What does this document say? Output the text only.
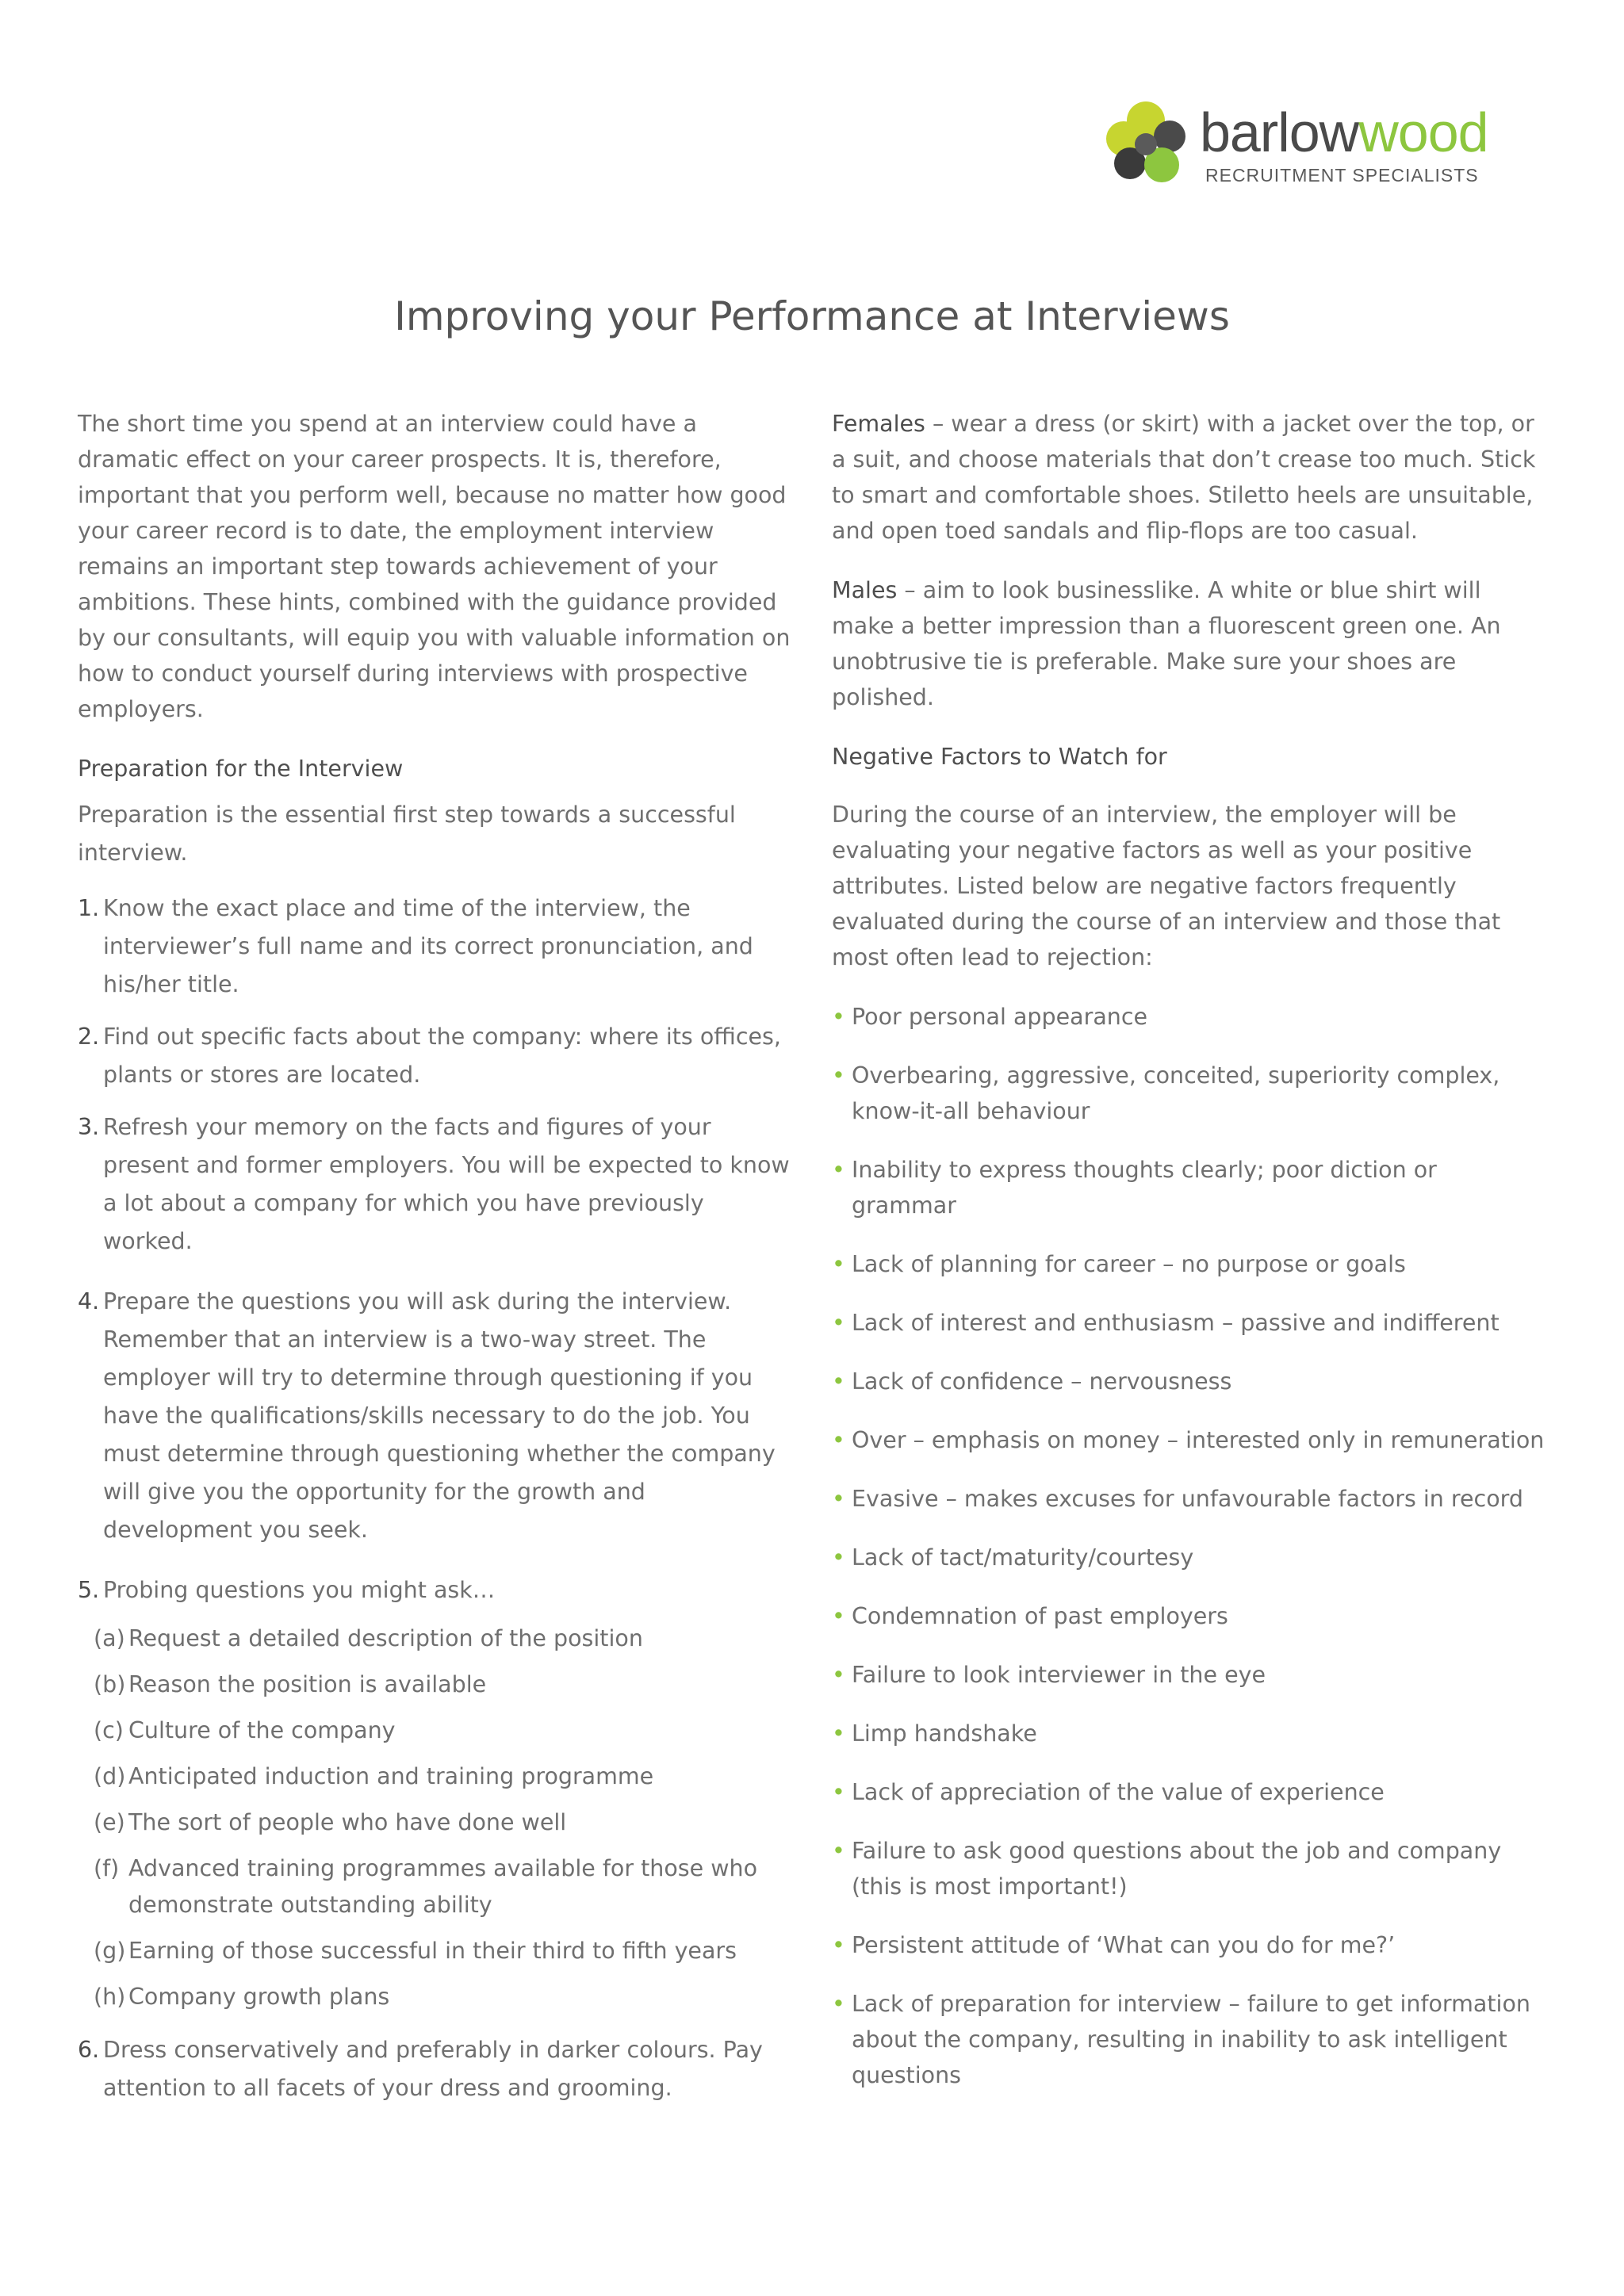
barlowwood
RECRUITMENT SPECIALISTS
Improving your Performance at Interviews

The short time you spend at an interview could have a dramatic effect on your career prospects. It is, therefore, important that you perform well, because no matter how good your career record is to date, the employment interview remains an important step towards achievement of your ambitions. These hints, combined with the guidance provided by our consultants, will equip you with valuable information on how to conduct yourself during interviews with prospective employers.

Preparation for the Interview

Preparation is the essential first step towards a successful interview.

1. Know the exact place and time of the interview, the interviewer’s full name and its correct pronunciation, and his/her title.
2. Find out specific facts about the company: where its offices, plants or stores are located.
3. Refresh your memory on the facts and figures of your present and former employers. You will be expected to know a lot about a company for which you have previously worked.
4. Prepare the questions you will ask during the interview. Remember that an interview is a two-way street. The employer will try to determine through questioning if you have the qualifications/skills necessary to do the job. You must determine through questioning whether the company will give you the opportunity for the growth and development you seek.
5. Probing questions you might ask…
(a) Request a detailed description of the position
(b) Reason the position is available
(c) Culture of the company
(d) Anticipated induction and training programme
(e) The sort of people who have done well
(f) Advanced training programmes available for those who demonstrate outstanding ability
(g) Earning of those successful in their third to fifth years
(h) Company growth plans
6. Dress conservatively and preferably in darker colours. Pay attention to all facets of your dress and grooming.

Females – wear a dress (or skirt) with a jacket over the top, or a suit, and choose materials that don’t crease too much. Stick to smart and comfortable shoes. Stiletto heels are unsuitable, and open toed sandals and flip-flops are too casual.

Males – aim to look businesslike. A white or blue shirt will make a better impression than a fluorescent green one. An unobtrusive tie is preferable. Make sure your shoes are polished.

Negative Factors to Watch for

During the course of an interview, the employer will be evaluating your negative factors as well as your positive attributes. Listed below are negative factors frequently evaluated during the course of an interview and those that most often lead to rejection:

• Poor personal appearance
• Overbearing, aggressive, conceited, superiority complex, know-it-all behaviour
• Inability to express thoughts clearly; poor diction or grammar
• Lack of planning for career – no purpose or goals
• Lack of interest and enthusiasm – passive and indifferent
• Lack of confidence – nervousness
• Over – emphasis on money – interested only in remuneration
• Evasive – makes excuses for unfavourable factors in record
• Lack of tact/maturity/courtesy
• Condemnation of past employers
• Failure to look interviewer in the eye
• Limp handshake
• Lack of appreciation of the value of experience
• Failure to ask good questions about the job and company (this is most important!)
• Persistent attitude of ‘What can you do for me?’
• Lack of preparation for interview – failure to get information about the company, resulting in inability to ask intelligent questions
